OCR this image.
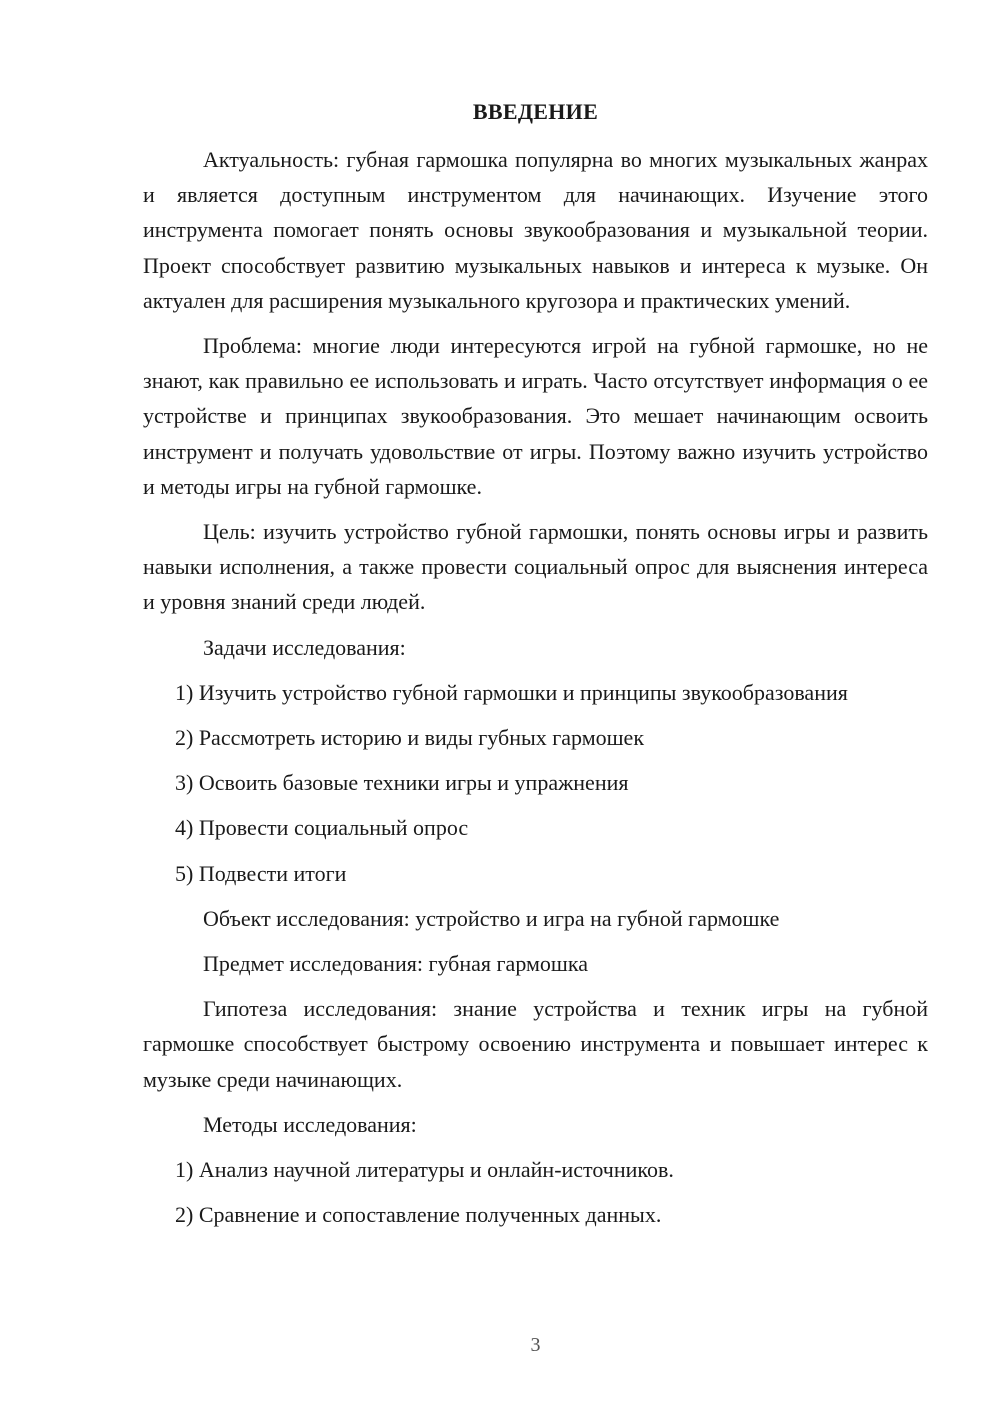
ВВЕДЕНИЕ

Актуальность: губная гармошка популярна во многих музыкальных жанрах и является доступным инструментом для начинающих. Изучение этого инструмента помогает понять основы звукообразования и музыкальной теории. Проект способствует развитию музыкальных навыков и интереса к музыке. Он актуален для расширения музыкального кругозора и практических умений.

Проблема: многие люди интересуются игрой на губной гармошке, но не знают, как правильно ее использовать и играть. Часто отсутствует информация о ее устройстве и принципах звукообразования. Это мешает начинающим освоить инструмент и получать удовольствие от игры. Поэтому важно изучить устройство и методы игры на губной гармошке.

Цель: изучить устройство губной гармошки, понять основы игры и развить навыки исполнения, а также провести социальный опрос для выяснения интереса и уровня знаний среди людей.

Задачи исследования:

1) Изучить устройство губной гармошки и принципы звукообразования

2) Рассмотреть историю и виды губных гармошек

3) Освоить базовые техники игры и упражнения

4) Провести социальный опрос

5) Подвести итоги

Объект исследования: устройство и игра на губной гармошке

Предмет исследования: губная гармошка

Гипотеза исследования: знание устройства и техник игры на губной гармошке способствует быстрому освоению инструмента и повышает интерес к музыке среди начинающих.

Методы исследования:

1) Анализ научной литературы и онлайн-источников.

2) Сравнение и сопоставление полученных данных.

3
